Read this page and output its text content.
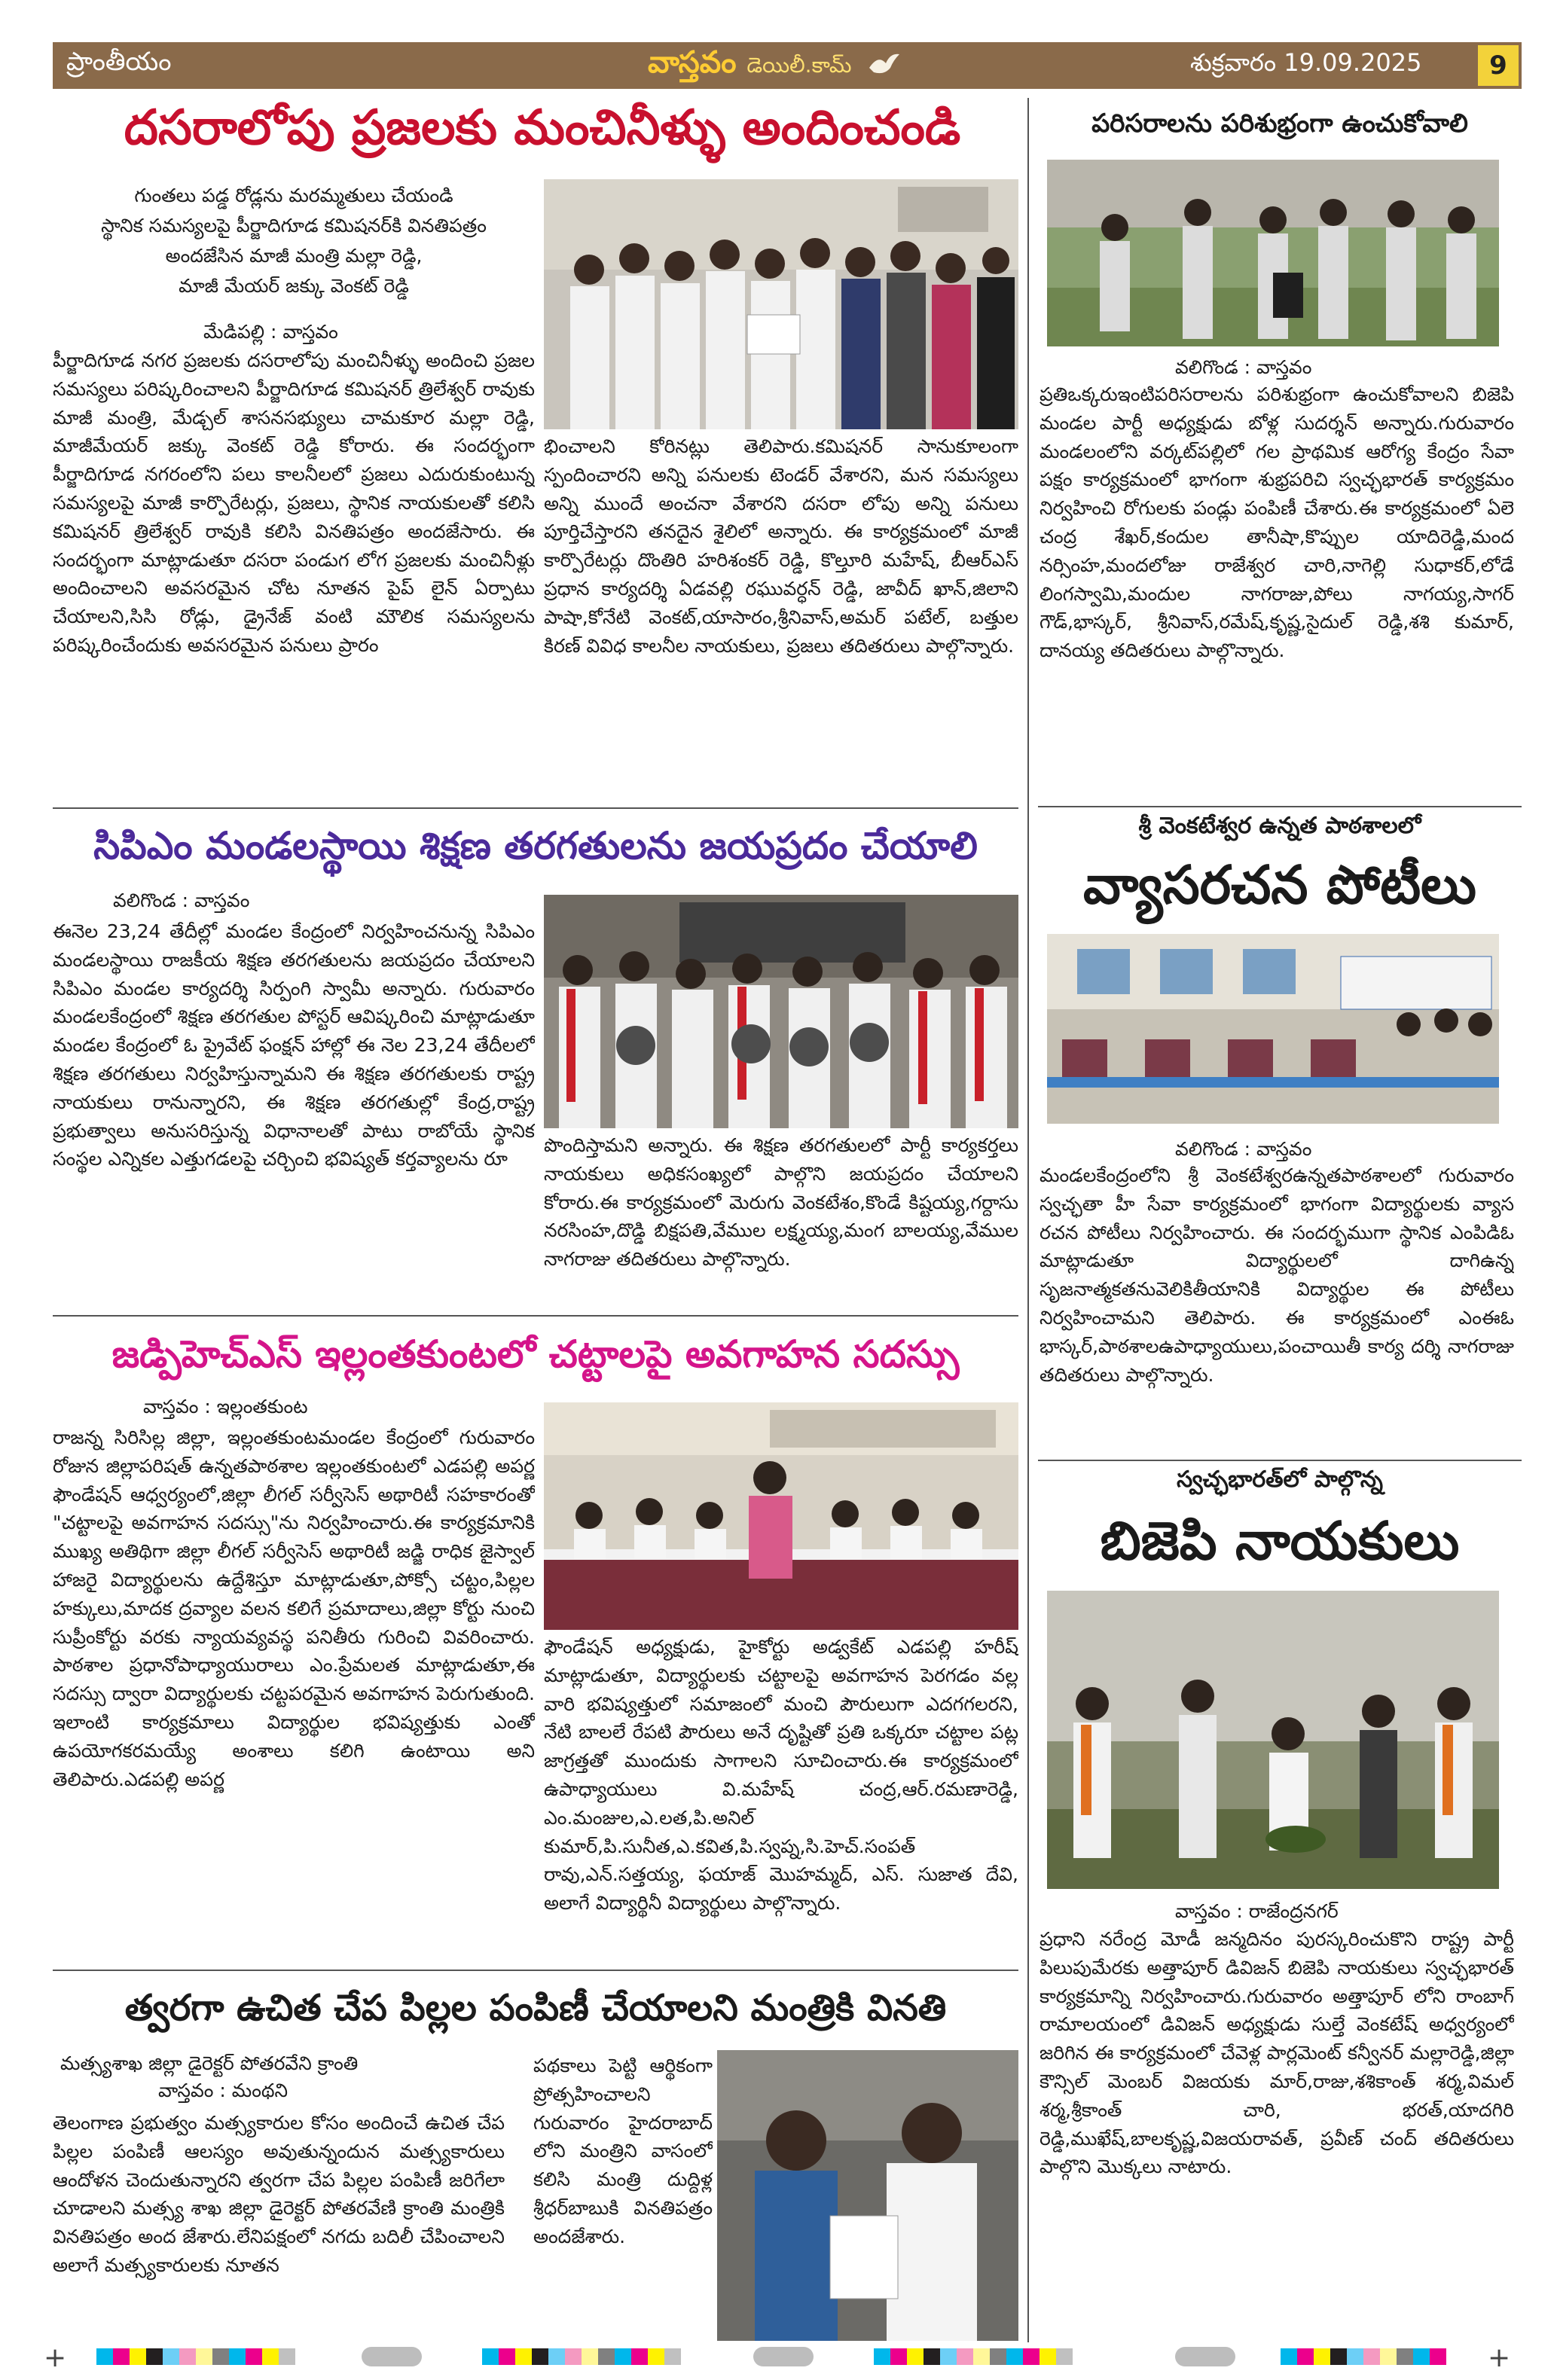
ప్రాంతీయం	వాస్తవం డెయిలీ.కామ్	శుక్రవారం 19.09.2025	9
దసరాలోపు ప్రజలకు మంచినీళ్ళు అందించండి
గుంతలు పడ్డ రోడ్లను మరమ్మతులు చేయండి
స్థానిక సమస్యలపై పీర్జాదిగూడ కమిషనర్‌కి వినతిపత్రం
అందజేసిన మాజీ మంత్రి మల్లా రెడ్డి,
మాజీ మేయర్ జక్కు వెంకట్ రెడ్డి
మేడిపల్లి : వాస్తవం
పీర్జాదిగూడ నగర ప్రజలకు దసరాలోపు మంచినీళ్ళు అందించి ప్రజల సమస్యలు పరిష్కరించాలని పీర్జాదిగూడ కమిషనర్ త్రిలేశ్వర్ రావుకు మాజీ మంత్రి, మేడ్చల్ శాసనసభ్యులు చామకూర మల్లా రెడ్డి, మాజీమేయర్ జక్కు వెంకట్ రెడ్డి కోరారు. ఈ సందర్భంగా పీర్జాదిగూడ నగరంలోని పలు కాలనీలలో ప్రజలు ఎదురుకుంటున్న సమస్యలపై మాజీ కార్పొరేటర్లు, ప్రజలు, స్థానిక నాయకులతో కలిసి కమిషనర్ త్రిలేశ్వర్ రావుకి కలిసి వినతిపత్రం అందజేసారు. ఈ సందర్భంగా మాట్లాడుతూ దసరా పండుగ లోగ ప్రజలకు మంచినీళ్లు అందించాలని అవసరమైన చోట నూతన పైప్ లైన్ ఏర్పాటు చేయాలని,సిసి రోడ్లు, డ్రైనేజ్ వంటి మౌలిక సమస్యలను పరిష్కరించేందుకు అవసరమైన పనులు ప్రారం
భించాలని కోరినట్లు తెలిపారు.కమిషనర్ సానుకూలంగా స్పందించారని అన్ని పనులకు టెండర్ వేశారని, మన సమస్యలు అన్ని ముందే అంచనా వేశారని దసరా లోపు అన్ని పనులు పూర్తిచేస్తారని తనదైన శైలిలో అన్నారు. ఈ కార్యక్రమంలో మాజీ కార్పొరేటర్లు దొంతిరి హరిశంకర్ రెడ్డి, కొల్తూరి మహేష్, బీఆర్ఎస్ ప్రధాన కార్యదర్శి ఏడవల్లి రఘువర్ధన్ రెడ్డి, జావీద్ ఖాన్,జిలాని పాషా,కోనేటి వెంకట్,యాసారం,శ్రీనివాస్,అమర్ పటేల్, బత్తుల కిరణ్ వివిధ కాలనీల నాయకులు, ప్రజలు తదితరులు పాల్గొన్నారు.
సిపిఎం మండలస్థాయి శిక్షణ తరగతులను జయప్రదం చేయాలి
వలిగొండ : వాస్తవం
ఈనెల 23,24 తేదీల్లో మండల కేంద్రంలో నిర్వహించనున్న సిపిఎం మండలస్థాయి రాజకీయ శిక్షణ తరగతులను జయప్రదం చేయాలని సిపిఎం మండల కార్యదర్శి సిర్పంగి స్వామీ అన్నారు. గురువారం మండలకేంద్రంలో శిక్షణ తరగతుల పోస్టర్ ఆవిష్కరించి మాట్లాడుతూ మండల కేంద్రంలో ఓ ప్రైవేట్ ఫంక్షన్ హాల్లో ఈ నెల 23,24 తేదీలలో శిక్షణ తరగతులు నిర్వహిస్తున్నామని ఈ శిక్షణ తరగతులకు రాష్ట్ర నాయకులు రానున్నారని, ఈ శిక్షణ తరగతుల్లో కేంద్ర,రాష్ట్ర ప్రభుత్వాలు అనుసరిస్తున్న విధానాలతో పాటు రాబోయే స్థానిక సంస్థల ఎన్నికల ఎత్తుగడలపై చర్చించి భవిష్యత్ కర్తవ్యాలను రూ
పొందిస్తామని అన్నారు. ఈ శిక్షణ తరగతులలో పార్టీ కార్యకర్తలు నాయకులు అధికసంఖ్యలో పాల్గొని జయప్రదం చేయాలని కోరారు.ఈ కార్యక్రమంలో మెరుగు వెంకటేశం,కొండే కిష్టయ్య,గర్దాసు నరసింహ,దొడ్డి బిక్షపతి,వేముల లక్ష్మయ్య,మంగ బాలయ్య,వేముల నాగరాజు తదితరులు పాల్గొన్నారు.
జడ్పిహెచ్ఎస్ ఇల్లంతకుంటలో చట్టాలపై అవగాహన సదస్సు
వాస్తవం : ఇల్లంతకుంట
రాజన్న సిరిసిల్ల జిల్లా, ఇల్లంతకుంటమండల కేంద్రంలో గురువారం రోజున జిల్లాపరిషత్ ఉన్నతపాఠశాల ఇల్లంతకుంటలో ఎడపల్లి అపర్ణ ఫౌండేషన్ ఆధ్వర్యంలో,జిల్లా లీగల్ సర్వీసెస్ అథారిటీ సహకారంతో "చట్టాలపై అవగాహన సదస్సు"ను నిర్వహించారు.ఈ కార్యక్రమానికి ముఖ్య అతిథిగా జిల్లా లీగల్ సర్వీసెస్ అథారిటీ జడ్జి రాధిక జైస్వాల్ హాజరై విద్యార్థులను ఉద్దేశిస్తూ మాట్లాడుతూ,పోక్సో చట్టం,పిల్లల హక్కులు,మాదక ద్రవ్యాల వలన కలిగే ప్రమాదాలు,జిల్లా కోర్టు నుంచి సుప్రీంకోర్టు వరకు న్యాయవ్యవస్థ పనితీరు గురించి వివరించారు. పాఠశాల ప్రధానోపాధ్యాయురాలు ఎం.ప్రేమలత మాట్లాడుతూ,ఈ సదస్సు ద్వారా విద్యార్థులకు చట్టపరమైన అవగాహన పెరుగుతుంది. ఇలాంటి కార్యక్రమాలు విద్యార్థుల భవిష్యత్తుకు ఎంతో ఉపయోగకరమయ్యే అంశాలు కలిగి ఉంటాయి అని తెలిపారు.ఎడపల్లి అపర్ణ
ఫౌండేషన్ అధ్యక్షుడు, హైకోర్టు అడ్వకేట్ ఎడపల్లి హరీష్ మాట్లాడుతూ, విద్యార్థులకు చట్టాలపై అవగాహన పెరగడం వల్ల వారి భవిష్యత్తులో సమాజంలో మంచి పౌరులుగా ఎదగగలరని, నేటి బాలలే రేపటి పౌరులు అనే దృష్టితో ప్రతి ఒక్కరూ చట్టాల పట్ల జాగ్రత్తతో ముందుకు సాగాలని సూచించారు.ఈ కార్యక్రమంలో ఉపాధ్యాయులు వి.మహేష్ చంద్ర,ఆర్.రమణారెడ్డి, ఎం.మంజుల,ఎ.లత,పి.అనిల్ కుమార్,పి.సునీత,ఎ.కవిత,పి.స్వప్న,సి.హెచ్.సంపత్ రావు,ఎన్.సత్తయ్య, ఫయాజ్ మొహమ్మద్, ఎస్. సుజాత దేవి, అలాగే విద్యార్థినీ విద్యార్థులు పాల్గొన్నారు.
త్వరగా ఉచిత చేప పిల్లల పంపిణీ చేయాలని మంత్రికి వినతి
మత్స్యశాఖ జిల్లా డైరెక్టర్ పోతరవేని క్రాంతి
వాస్తవం : మంథని
తెలంగాణ ప్రభుత్వం మత్స్యకారుల కోసం అందించే ఉచిత చేప పిల్లల పంపిణీ ఆలస్యం అవుతున్నందున మత్స్యకారులు ఆందోళన చెందుతున్నారని త్వరగా చేప పిల్లల పంపిణీ జరిగేలా చూడాలని మత్స్య శాఖ జిల్లా డైరెక్టర్ పోతరవేణి క్రాంతి మంత్రికి వినతిపత్రం అంద జేశారు.లేనిపక్షంలో నగదు బదిలీ చేపించాలని అలాగే మత్స్యకారులకు నూతన
పథకాలు పెట్టి ఆర్థికంగా ప్రోత్సహించాలని గురువారం హైదరాబాద్ లోని మంత్రిని వాసంలో కలిసి మంత్రి దుద్దిళ్ల శ్రీధర్‌బాబుకి వినతిపత్రం అందజేశారు.
పరిసరాలను పరిశుభ్రంగా ఉంచుకోవాలి
వలిగొండ : వాస్తవం
ప్రతిఒక్కరుఇంటిపరిసరాలను పరిశుభ్రంగా ఉంచుకోవాలని బిజెపి మండల పార్టీ అధ్యక్షుడు బోళ్ల సుదర్శన్ అన్నారు.గురువారం మండలంలోని వర్కట్‌పల్లిలో గల ప్రాథమిక ఆరోగ్య కేంద్రం సేవా పక్షం కార్యక్రమంలో భాగంగా శుభ్రపరిచి స్వచ్ఛభారత్ కార్యక్రమం నిర్వహించి రోగులకు పండ్లు పంపిణీ చేశారు.ఈ కార్యక్రమంలో ఏలె చంద్ర శేఖర్,కందుల తానీషా,కొప్పుల యాదిరెడ్డి,మంద నర్సింహ,మందలోజు రాజేశ్వర చారి,నాగెల్లి సుధాకర్,లోడే లింగస్వామి,మందుల నాగరాజు,పోలు నాగయ్య,సాగర్ గౌడ్,భాస్కర్, శ్రీనివాస్,రమేష్,కృష్ణ,సైదుల్ రెడ్డి,శశి కుమార్, దానయ్య తదితరులు పాల్గొన్నారు.
శ్రీ వెంకటేశ్వర ఉన్నత పాఠశాలలో
వ్యాసరచన పోటీలు
వలిగొండ : వాస్తవం
మండలకేంద్రంలోని శ్రీ వెంకటేశ్వరఉన్నతపాఠశాలలో గురువారం స్వచ్ఛతా హీ సేవా కార్యక్రమంలో భాగంగా విద్యార్థులకు వ్యాస రచన పోటీలు నిర్వహించారు. ఈ సందర్భముగా స్థానిక ఎంపిడిఓ మాట్లాడుతూ విద్యార్థులలో దాగిఉన్న సృజనాత్మకతనువెలికితీయానికి విద్యార్థుల ఈ పోటీలు నిర్వహించామని తెలిపారు. ఈ కార్యక్రమంలో ఎంఈఓ భాస్కర్,పాఠశాలఉపాధ్యాయులు,పంచాయితీ కార్య దర్శి నాగరాజు తదితరులు పాల్గొన్నారు.
స్వచ్ఛభారత్‌లో పాల్గొన్న
బిజెపి నాయకులు
వాస్తవం : రాజేంద్రనగర్
ప్రధాని నరేంద్ర మోడీ జన్మదినం పురస్కరించుకొని రాష్ట్ర పార్టీ పిలుపుమేరకు అత్తాపూర్ డివిజన్ బిజెపి నాయకులు స్వచ్ఛభారత్ కార్యక్రమాన్ని నిర్వహించారు.గురువారం అత్తాపూర్ లోని రాంబాగ్ రామాలయంలో డివిజన్ అధ్యక్షుడు సుల్తే వెంకటేష్ అధ్వర్యంలో జరిగిన ఈ కార్యక్రమంలో చేవెళ్ల పార్లమెంట్ కన్వీనర్ మల్లారెడ్డి,జిల్లా కౌన్సిల్ మెంబర్ విజయకు మార్,రాజు,శశికాంత్ శర్మ,విమల్ శర్మ,శ్రీకాంత్ చారి, భరత్,యాదగిరి రెడ్డి,ముఖేష్,బాలకృష్ణ,విజయరావత్, ప్రవీణ్ చంద్ తదితరులు పాల్గొని మొక్కలు నాటారు.
+	+
